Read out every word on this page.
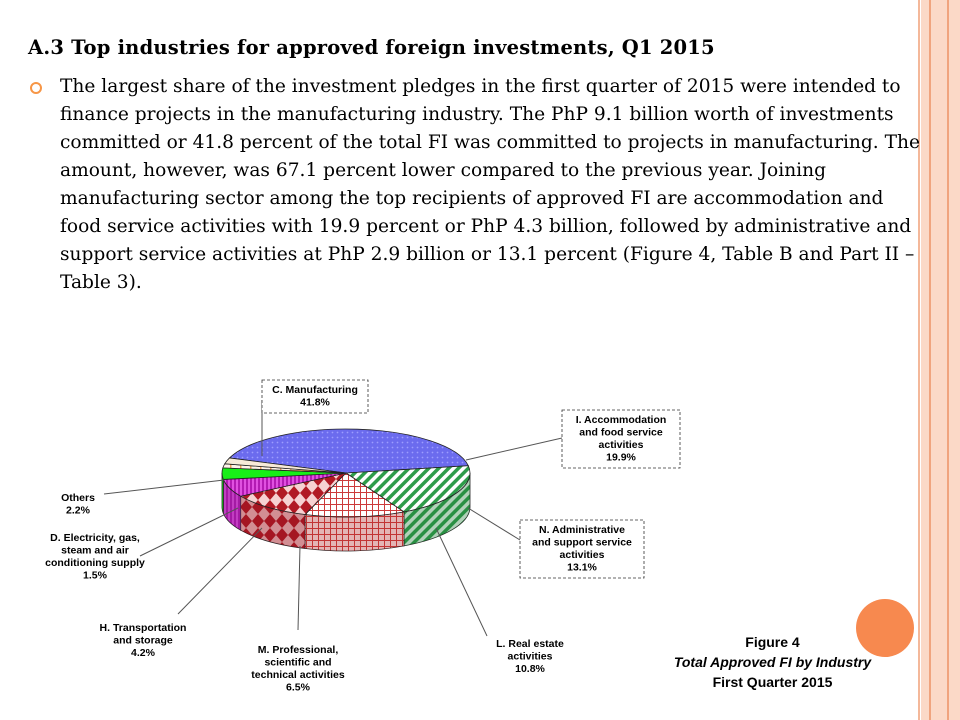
A.3 Top industries for approved foreign investments, Q1 2015
The largest share of the investment pledges in the first quarter of 2015 were intended to finance projects in the manufacturing industry. The PhP 9.1 billion worth of investments committed or 41.8 percent of the total FI was committed to projects in manufacturing. The amount, however, was 67.1 percent lower compared to the previous year. Joining manufacturing sector among the top recipients of approved FI are accommodation and food service activities with 19.9 percent or PhP 4.3 billion, followed by administrative and support service activities at PhP 2.9 billion or 13.1 percent (Figure 4, Table B and Part II – Table 3).
C. Manufacturing
41.8%
I. Accommodation
and food service
activities
19.9%
N. Administrative
and support service
activities
13.1%
L. Real estate
activities
10.8%
M. Professional,
scientific and
technical activities
6.5%
H. Transportation
and storage
4.2%
D. Electricity, gas,
steam and air
conditioning supply
1.5%
Others
2.2%
Figure 4
Total Approved FI by Industry
First Quarter 2015
